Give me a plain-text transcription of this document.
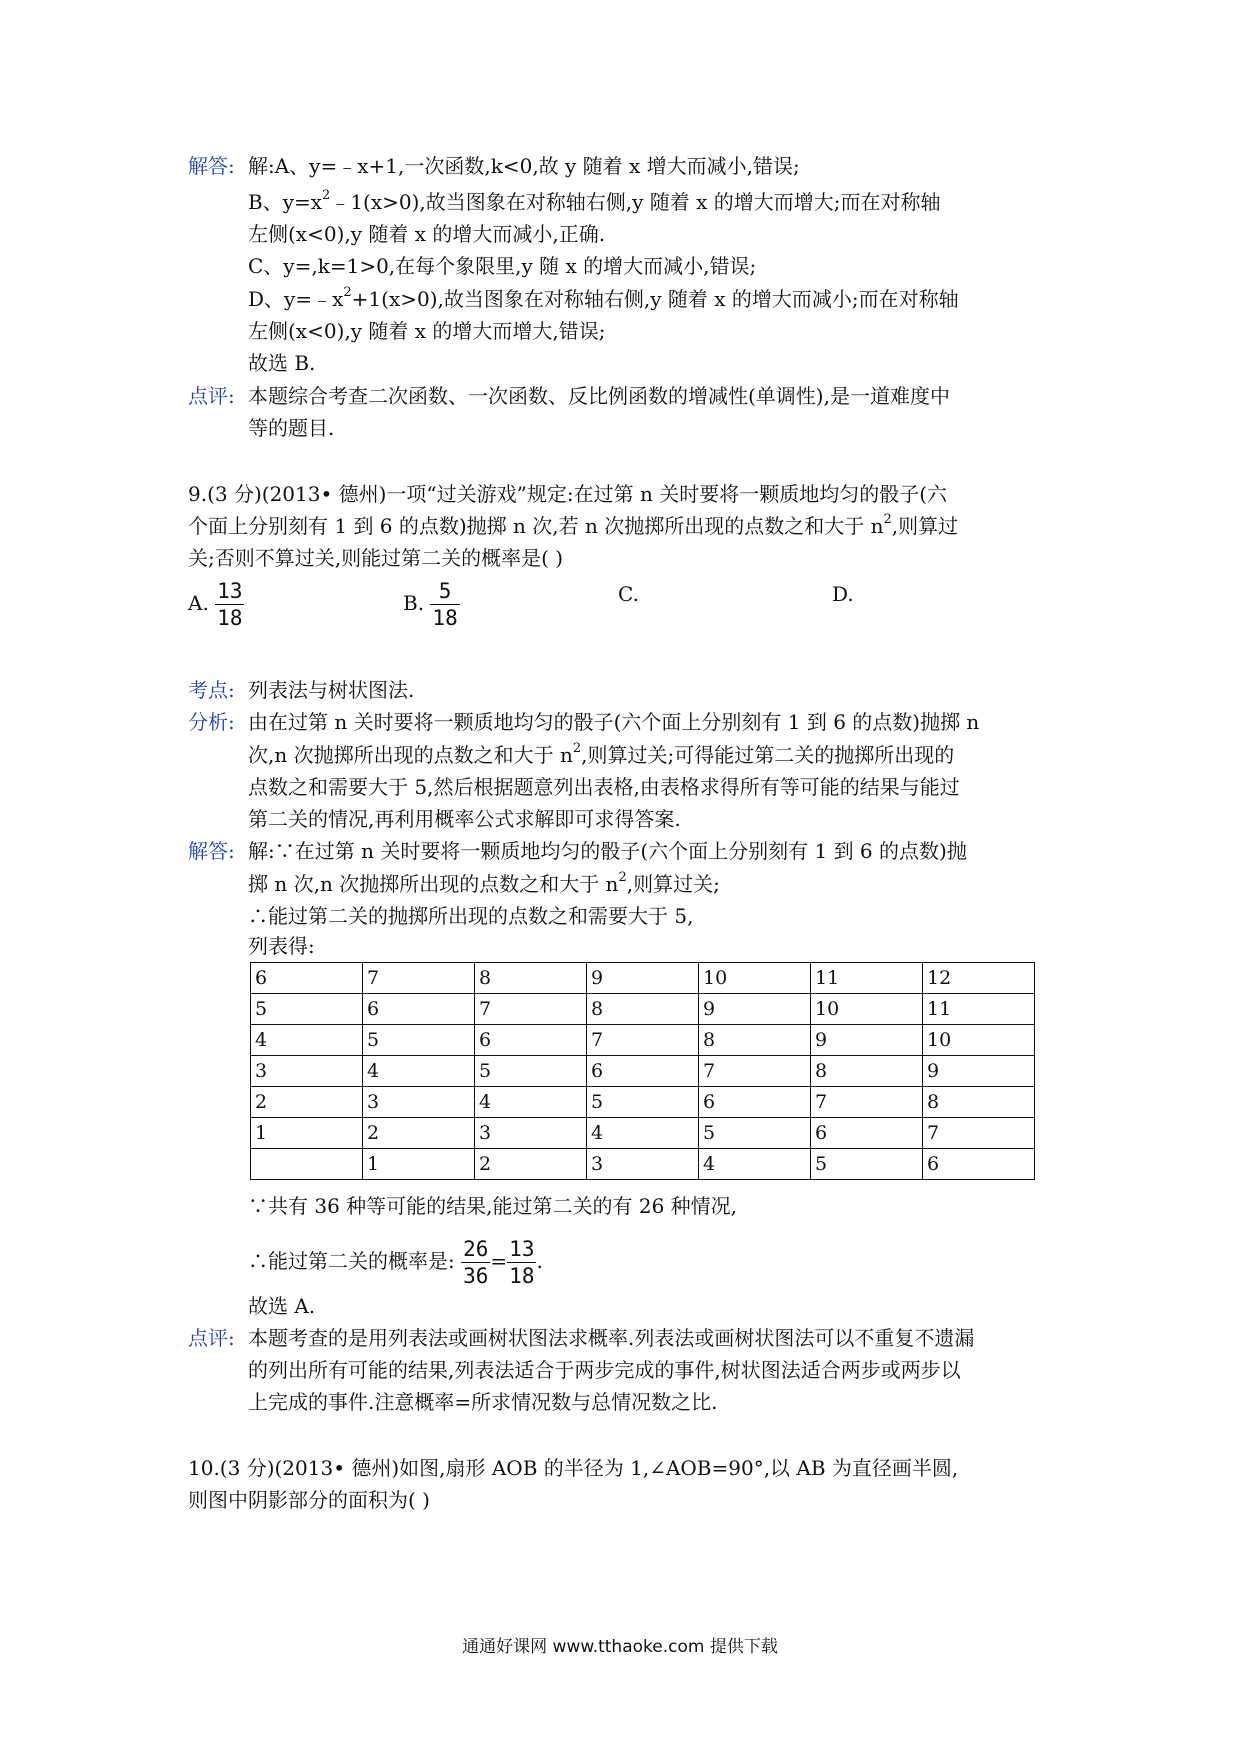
解答: 解:A、y=﹣x+1,一次函数,k<0,故 y 随着 x 增大而减小,错误;
B、$y=x^2﹣1(x>0)$,故当图象在对称轴右侧,y 随着 x 的增大而增大;而在对称轴
左侧(x<0),y 随着 x 的增大而减小,正确.
C、y=,k=1>0,在每个象限里,y 随 x 的增大而减小,错误;
D、$y=﹣x^2+1(x>0)$,故当图象在对称轴右侧,y 随着 x 的增大而减小;而在对称轴
左侧(x<0),y 随着 x 的增大而增大,错误;
故选 B.
点评: 本题综合考查二次函数、一次函数、反比例函数的增减性(单调性),是一道难度中
等的题目.
9.(3 分)(2013• 德州)一项“过关游戏”规定:在过第 n 关时要将一颗质地均匀的骰子(六
个面上分别刻有 1 到 6 的点数)抛掷 n 次,若 n 次抛掷所出现的点数之和大于 $n^2$,则算过
关;否则不算过关,则能过第二关的概率是( )
A. $\frac{13}{18}$	B. $\frac{5}{18}$	C.	D.
考点: 列表法与树状图法.
分析: 由在过第 n 关时要将一颗质地均匀的骰子(六个面上分别刻有 1 到 6 的点数)抛掷 n
次,n 次抛掷所出现的点数之和大于 $n^2$,则算过关;可得能过第二关的抛掷所出现的
点数之和需要大于 5,然后根据题意列出表格,由表格求得所有等可能的结果与能过
第二关的情况,再利用概率公式求解即可求得答案.
解答: 解:∵在过第 n 关时要将一颗质地均匀的骰子(六个面上分别刻有 1 到 6 的点数)抛
掷 n 次,n 次抛掷所出现的点数之和大于 $n^2$,则算过关;
∴能过第二关的抛掷所出现的点数之和需要大于 5,
列表得:
6	7	8	9	10	11	12
5	6	7	8	9	10	11
4	5	6	7	8	9	10
3	4	5	6	7	8	9
2	3	4	5	6	7	8
1	2	3	4	5	6	7
	1	2	3	4	5	6
∵共有 36 种等可能的结果,能过第二关的有 26 种情况,
∴能过第二关的概率是: $\frac{26}{36} = \frac{13}{18}$ .
故选 A.
点评: 本题考查的是用列表法或画树状图法求概率.列表法或画树状图法可以不重复不遗漏
的列出所有可能的结果,列表法适合于两步完成的事件,树状图法适合两步或两步以
上完成的事件.注意概率=所求情况数与总情况数之比.
10.(3 分)(2013• 德州)如图,扇形 AOB 的半径为 1,∠AOB=90°,以 AB 为直径画半圆,
则图中阴影部分的面积为( )
通通好课网 www.tthaoke.com 提供下载
